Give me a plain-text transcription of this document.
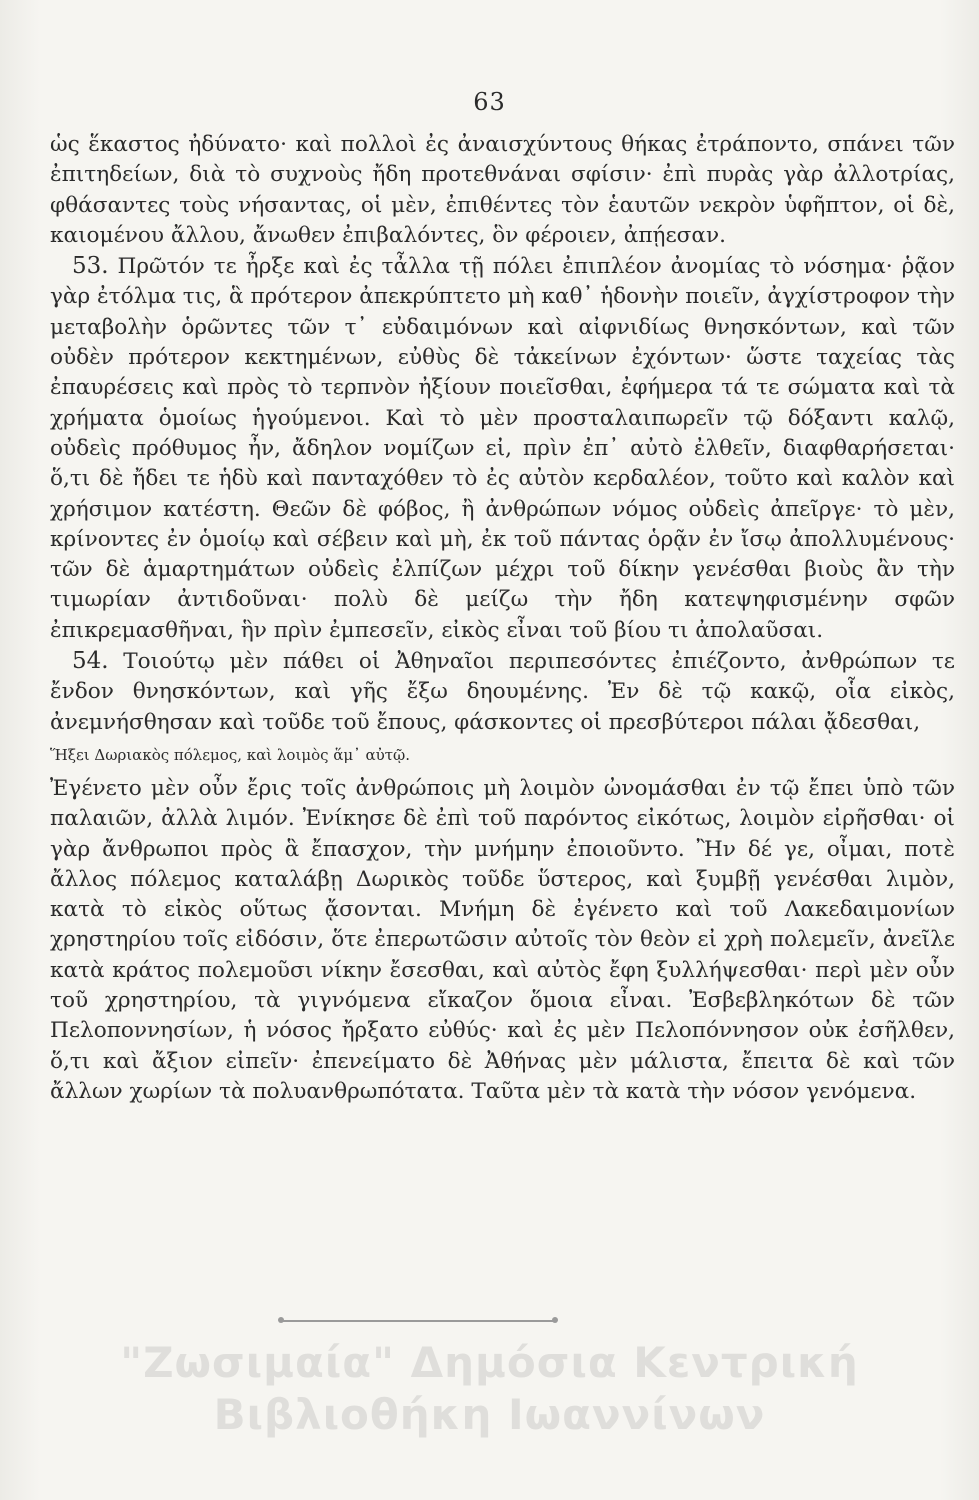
63

ὡς ἕκαστος ἠδύνατο· καὶ πολλοὶ ἐς ἀναισχύντους θήκας ἐτράποντο, σπάνει τῶν ἐπιτηδείων, διὰ τὸ συχνοὺς ἤδη προτεθνάναι σφίσιν· ἐπὶ πυρὰς γὰρ ἀλλοτρίας, φθάσαντες τοὺς νήσαντας, οἱ μὲν, ἐπιθέντες τὸν ἑαυτῶν νεκρὸν ὑφῆπτον, οἱ δὲ, καιομένου ἄλλου, ἄνωθεν ἐπιβαλόντες, ὃν φέροιεν, ἀπῄεσαν.

53. Πρῶτόν τε ἦρξε καὶ ἐς τἆλλα τῇ πόλει ἐπιπλέον ἀνομίας τὸ νόσημα· ῥᾷον γὰρ ἐτόλμα τις, ἃ πρότερον ἀπεκρύπτετο μὴ καθ᾽ ἡδονὴν ποιεῖν, ἀγχίστροφον τὴν μεταβολὴν ὁρῶντες τῶν τ᾽ εὐδαιμόνων καὶ αἰφνιδίως θνησκόντων, καὶ τῶν οὐδὲν πρότερον κεκτημένων, εὐθὺς δὲ τἀκείνων ἐχόντων· ὥστε ταχείας τὰς ἐπαυρέσεις καὶ πρὸς τὸ τερπνὸν ἠξίουν ποιεῖσθαι, ἐφήμερα τά τε σώματα καὶ τὰ χρήματα ὁμοίως ἡγούμενοι. Καὶ τὸ μὲν προσταλαιπωρεῖν τῷ δόξαντι καλῷ, οὐδεὶς πρόθυμος ἦν, ἄδηλον νομίζων εἰ, πρὶν ἐπ᾽ αὐτὸ ἐλθεῖν, διαφθαρήσεται· ὅ,τι δὲ ἤδει τε ἡδὺ καὶ πανταχόθεν τὸ ἐς αὐτὸν κερδαλέον, τοῦτο καὶ καλὸν καὶ χρήσιμον κατέστη. Θεῶν δὲ φόβος, ἢ ἀνθρώπων νόμος οὐδεὶς ἀπεῖργε· τὸ μὲν, κρίνοντες ἐν ὁμοίῳ καὶ σέβειν καὶ μὴ, ἐκ τοῦ πάντας ὁρᾷν ἐν ἴσῳ ἀπολλυμένους· τῶν δὲ ἁμαρτημάτων οὐδεὶς ἐλπίζων μέχρι τοῦ δίκην γενέσθαι βιοὺς ἂν τὴν τιμωρίαν ἀντιδοῦναι· πολὺ δὲ μείζω τὴν ἤδη κατεψηφισμένην σφῶν ἐπικρεμασθῆναι, ἣν πρὶν ἐμπεσεῖν, εἰκὸς εἶναι τοῦ βίου τι ἀπολαῦσαι.

54. Τοιούτῳ μὲν πάθει οἱ Ἀθηναῖοι περιπεσόντες ἐπιέζοντο, ἀνθρώπων τε ἔνδον θνησκόντων, καὶ γῆς ἔξω δηουμένης. Ἐν δὲ τῷ κακῷ, οἷα εἰκὸς, ἀνεμνήσθησαν καὶ τοῦδε τοῦ ἔπους, φάσκοντες οἱ πρεσβύτεροι πάλαι ᾄδεσθαι,

Ἥξει Δωριακὸς πόλεμος, καὶ λοιμὸς ἅμ᾽ αὐτῷ.

Ἐγένετο μὲν οὖν ἔρις τοῖς ἀνθρώποις μὴ λοιμὸν ὠνομάσθαι ἐν τῷ ἔπει ὑπὸ τῶν παλαιῶν, ἀλλὰ λιμόν. Ἐνίκησε δὲ ἐπὶ τοῦ παρόντος εἰκότως, λοιμὸν εἰρῆσθαι· οἱ γὰρ ἄνθρωποι πρὸς ἃ ἔπασχον, τὴν μνήμην ἐποιοῦντο. Ἢν δέ γε, οἶμαι, ποτὲ ἄλλος πόλεμος καταλάβῃ Δωρικὸς τοῦδε ὕστερος, καὶ ξυμβῇ γενέσθαι λιμὸν, κατὰ τὸ εἰκὸς οὕτως ᾄσονται. Μνήμη δὲ ἐγένετο καὶ τοῦ Λακεδαιμονίων χρηστηρίου τοῖς εἰδόσιν, ὅτε ἐπερωτῶσιν αὐτοῖς τὸν θεὸν εἰ χρὴ πολεμεῖν, ἀνεῖλε κατὰ κράτος πολεμοῦσι νίκην ἔσεσθαι, καὶ αὐτὸς ἔφη ξυλλήψεσθαι· περὶ μὲν οὖν τοῦ χρηστηρίου, τὰ γιγνόμενα εἴκαζον ὅμοια εἶναι. Ἐσβεβληκότων δὲ τῶν Πελοποννησίων, ἡ νόσος ἤρξατο εὐθύς· καὶ ἐς μὲν Πελοπόννησον οὐκ ἐσῆλθεν, ὅ,τι καὶ ἄξιον εἰπεῖν· ἐπενείματο δὲ Ἀθήνας μὲν μάλιστα, ἔπειτα δὲ καὶ τῶν ἄλλων χωρίων τὰ πολυανθρωπότατα. Ταῦτα μὲν τὰ κατὰ τὴν νόσον γενόμενα.

"Ζωσιμαία" Δημόσια Κεντρική
Βιβλιοθήκη Ιωαννίνων
